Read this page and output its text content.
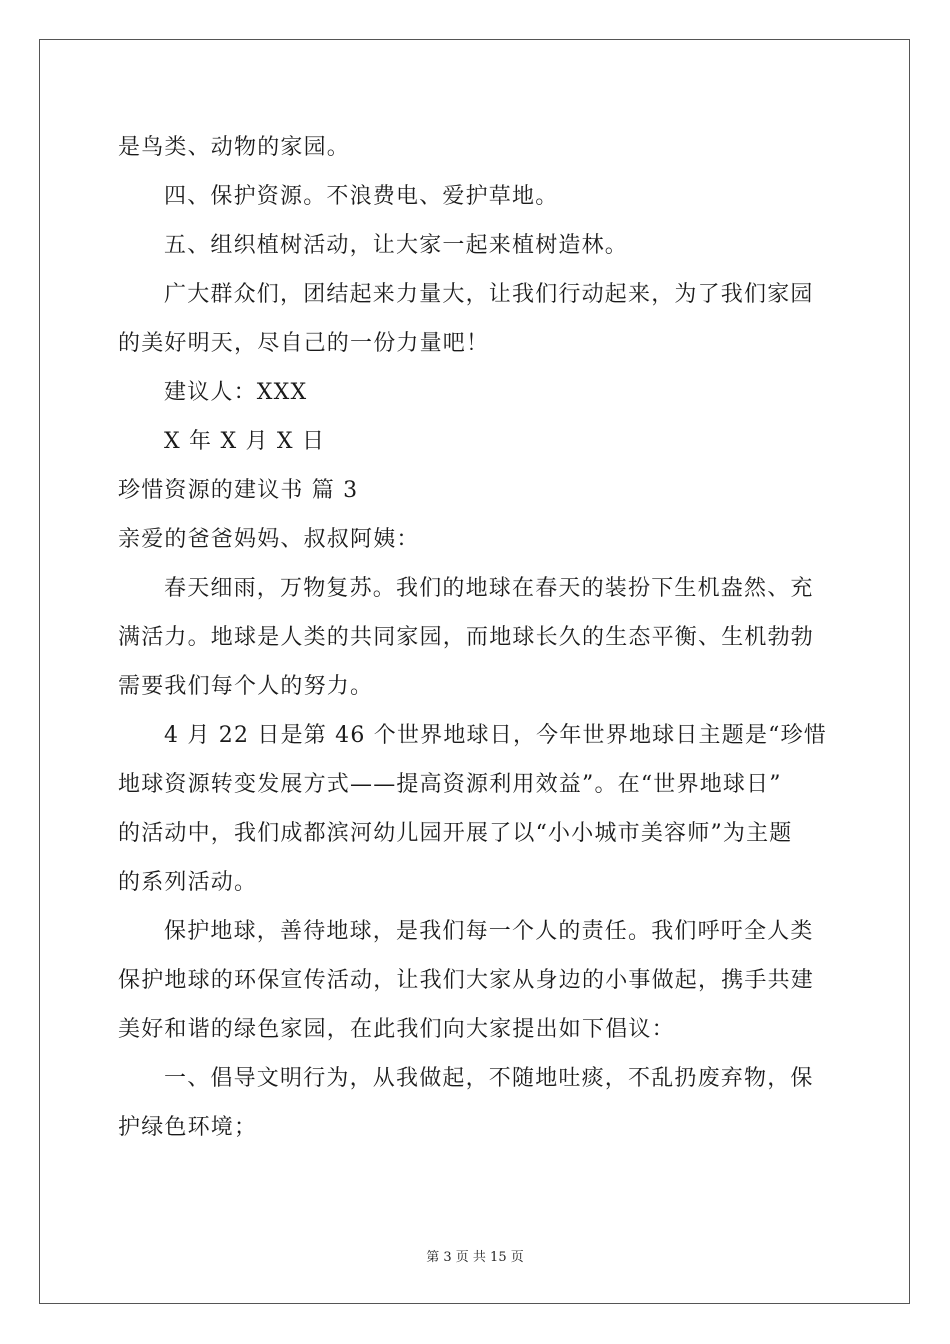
是鸟类、动物的家园。
四、保护资源。不浪费电、爱护草地。
五、组织植树活动，让大家一起来植树造林。
广大群众们，团结起来力量大，让我们行动起来，为了我们家园
的美好明天，尽自己的一份力量吧！
建议人：XXX
X 年 X 月 X 日
珍惜资源的建议书 篇 3
亲爱的爸爸妈妈、叔叔阿姨：
春天细雨，万物复苏。我们的地球在春天的装扮下生机盎然、充
满活力。地球是人类的共同家园，而地球长久的生态平衡、生机勃勃
需要我们每个人的努力。
4 月 22 日是第 46 个世界地球日，今年世界地球日主题是“珍惜
地球资源转变发展方式——提高资源利用效益”。在“世界地球日”
的活动中，我们成都滨河幼儿园开展了以“小小城市美容师”为主题
的系列活动。
保护地球，善待地球，是我们每一个人的责任。我们呼吁全人类
保护地球的环保宣传活动，让我们大家从身边的小事做起，携手共建
美好和谐的绿色家园，在此我们向大家提出如下倡议：
一、倡导文明行为，从我做起，不随地吐痰，不乱扔废弃物，保
护绿色环境；
第 3 页 共 15 页
